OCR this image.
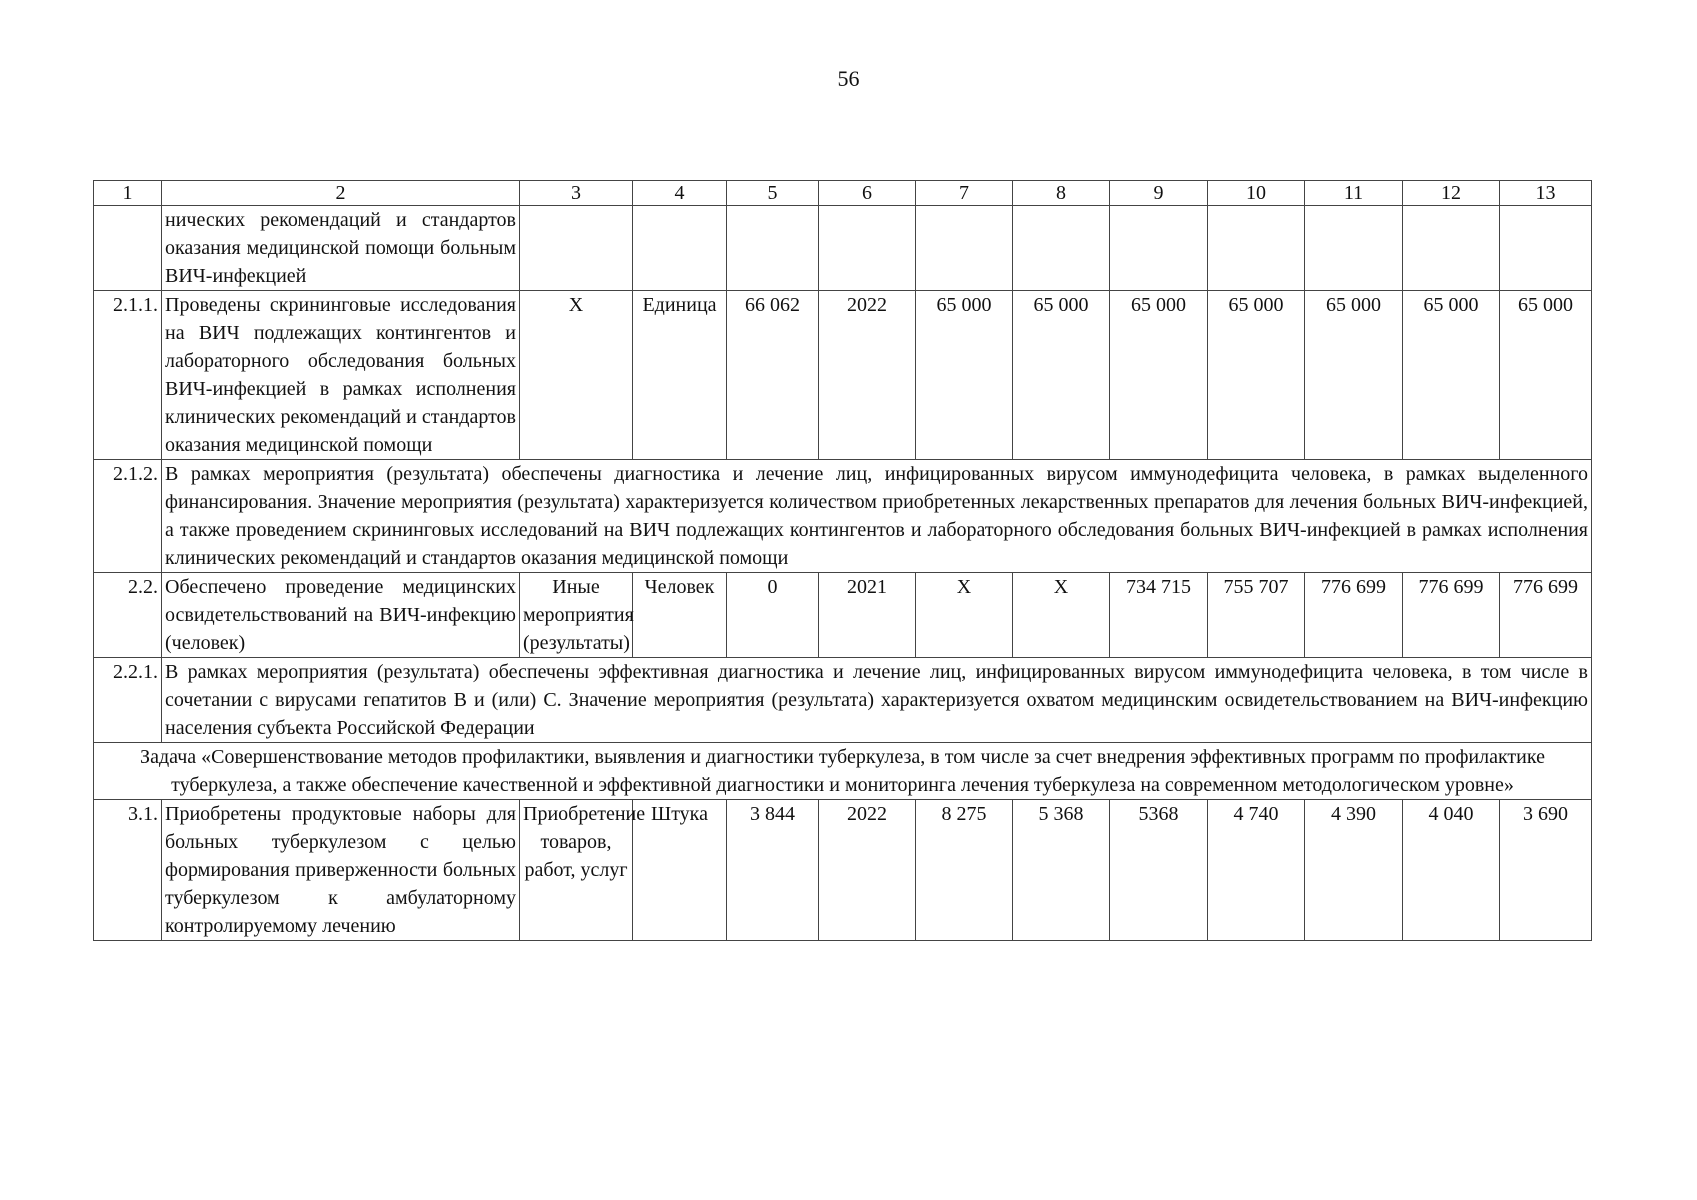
56
1	2	3	4	5	6	7	8	9	10	11	12	13
	нических рекомендаций и стандартов оказания медицинской помощи больным ВИЧ-инфекцией											
2.1.1.	Проведены скрининговые исследования на ВИЧ подлежащих контингентов и лабораторного обследования больных ВИЧ-инфекцией в рамках исполнения клинических рекомендаций и стандартов оказания медицинской помощи	X	Единица	66 062	2022	65 000	65 000	65 000	65 000	65 000	65 000	65 000
2.1.2.	В рамках мероприятия (результата) обеспечены диагностика и лечение лиц, инфицированных вирусом иммунодефицита человека, в рамках выделенного финансирования. Значение мероприятия (результата) характеризуется количеством приобретенных лекарственных препаратов для лечения больных ВИЧ-инфекцией, а также проведением скрининговых исследований на ВИЧ подлежащих контингентов и лабораторного обследования больных ВИЧ-инфекцией в рамках исполнения клинических рекомендаций и стандартов оказания медицинской помощи											
2.2.	Обеспечено проведение медицинских освидетельствований на ВИЧ-инфекцию (человек)	Иные мероприятия (результаты)	Человек	0	2021	X	X	734 715	755 707	776 699	776 699	776 699
2.2.1.	В рамках мероприятия (результата) обеспечены эффективная диагностика и лечение лиц, инфицированных вирусом иммунодефицита человека, в том числе в сочетании с вирусами гепатитов B и (или) C. Значение мероприятия (результата) характеризуется охватом медицинским освидетельствованием на ВИЧ-инфекцию населения субъекта Российской Федерации											
Задача «Совершенствование методов профилактики, выявления и диагностики туберкулеза, в том числе за счет внедрения эффективных программ по профилактике туберкулеза, а также обеспечение качественной и эффективной диагностики и мониторинга лечения туберкулеза на современном методологическом уровне»												
3.1.	Приобретены продуктовые наборы для больных туберкулезом с целью формирования приверженности больных туберкулезом к амбулаторному контролируемому лечению	Приобретение товаров, работ, услуг	Штука	3 844	2022	8 275	5 368	5368	4 740	4 390	4 040	3 690
